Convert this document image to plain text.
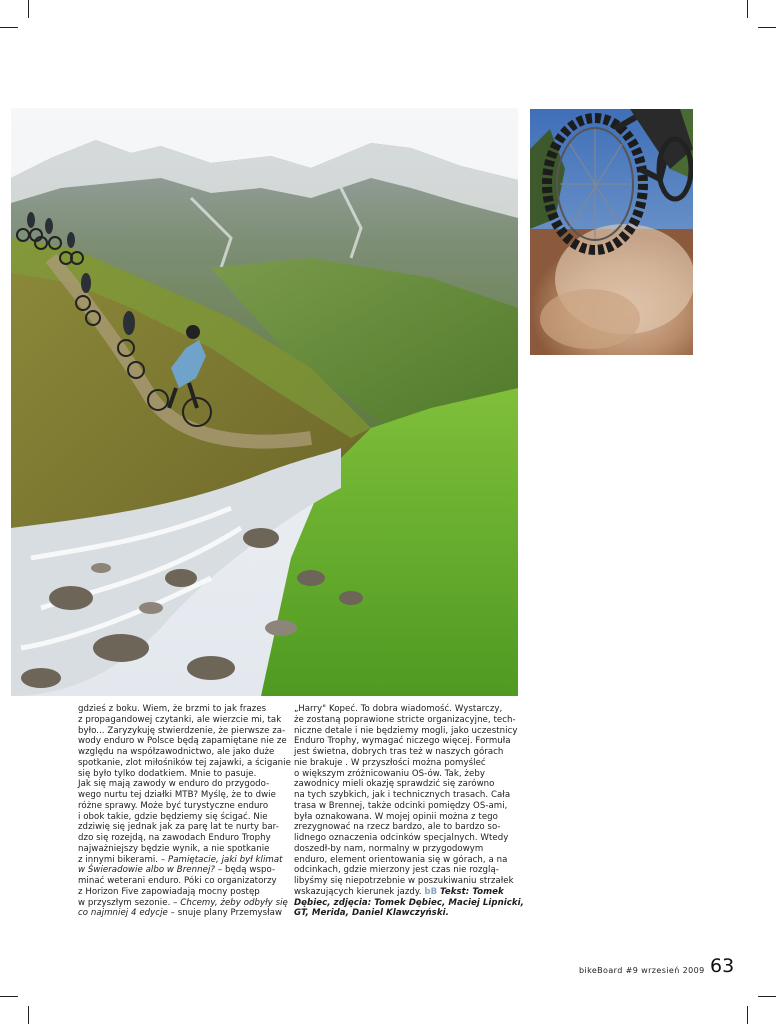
gdzieś z boku. Wiem, że brzmi to jak frazes

z propagandowej czytanki, ale wierzcie mi, tak

było... Zaryzykuję stwierdzenie, że pierwsze za-

wody enduro w Polsce będą zapamiętane nie ze

względu na współzawodnictwo, ale jako duże

spotkanie, zlot miłośników tej zajawki, a ściganie

się było tylko dodatkiem. Mnie to pasuje.

Jak się mają zawody w enduro do przygodo-

wego nurtu tej działki MTB? Myślę, że to dwie

różne sprawy. Może być turystyczne enduro

i obok takie, gdzie będziemy się ścigać. Nie

zdziwię się jednak jak za parę lat te nurty bar-

dzo się rozejdą, na zawodach Enduro Trophy

najważniejszy będzie wynik, a nie spotkanie

z innymi bikerami. – Pamiętacie, jaki był klimat

w Świeradowie albo w Brennej? – będą wspo-

minać weterani enduro. Póki co organizatorzy

z Horizon Five zapowiadają mocny postęp

w przyszłym sezonie. – Chcemy, żeby odbyły się

co najmniej 4 edycje – snuje plany Przemysław

„Harry" Kopeć. To dobra wiadomość. Wystarczy,

że zostaną poprawione stricte organizacyjne, tech-

niczne detale i nie będziemy mogli, jako uczestnicy

Enduro Trophy, wymagać niczego więcej. Formuła

jest świetna, dobrych tras też w naszych górach

nie brakuje . W przyszłości można pomyśleć

o większym zróżnicowaniu OS-ów. Tak, żeby

zawodnicy mieli okazję sprawdzić się zarówno

na tych szybkich, jak i technicznych trasach. Cała

trasa w Brennej, także odcinki pomiędzy OS-ami,

była oznakowana. W mojej opinii można z tego

zrezygnować na rzecz bardzo, ale to bardzo so-

lidnego oznaczenia odcinków specjalnych. Wtedy

doszedł-by nam, normalny w przygodowym

enduro, element orientowania się w górach, a na

odcinkach, gdzie mierzony jest czas nie rozglą-

libyśmy się niepotrzebnie w poszukiwaniu strzałek

wskazujących kierunek jazdy. bB Tekst: Tomek

Dębiec, zdjęcia: Tomek Dębiec, Maciej Lipnicki,

GT, Merida, Daniel Klawczyński.

bikeBoard #9 wrzesień 2009 63
